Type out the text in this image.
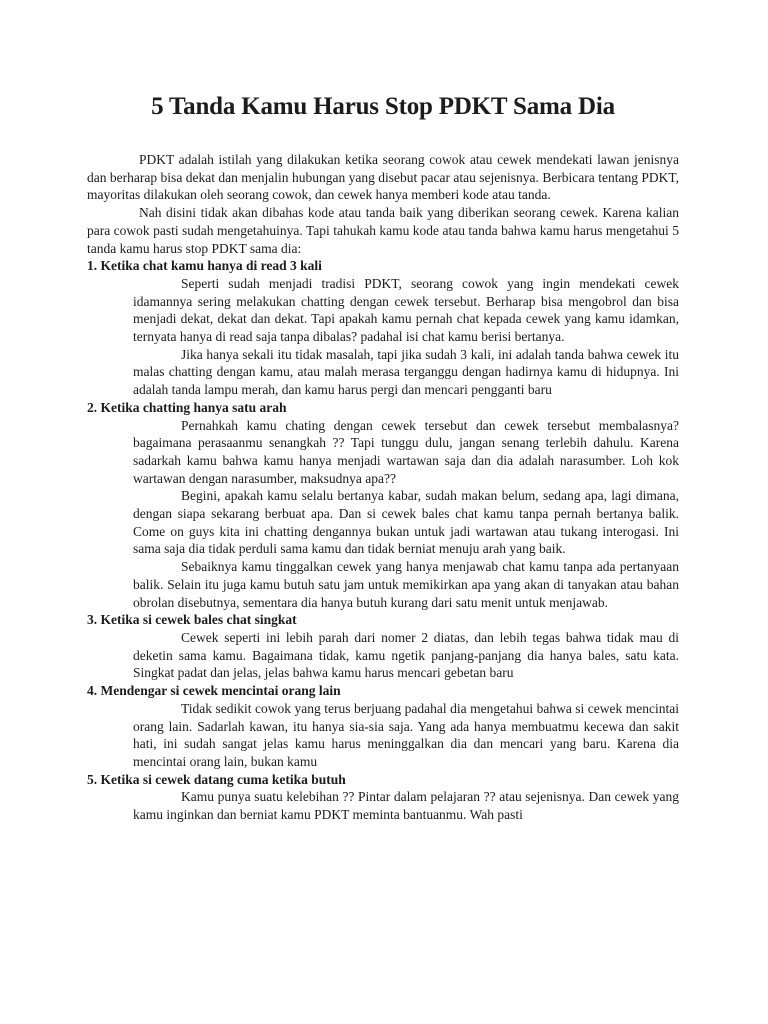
5 Tanda Kamu Harus Stop PDKT Sama Dia

PDKT adalah istilah yang dilakukan ketika seorang cowok atau cewek mendekati lawan jenisnya dan berharap bisa dekat dan menjalin hubungan yang disebut pacar atau sejenisnya. Berbicara tentang PDKT, mayoritas dilakukan oleh seorang cowok, dan cewek hanya memberi kode atau tanda.

Nah disini tidak akan dibahas kode atau tanda baik yang diberikan seorang cewek. Karena kalian para cowok pasti sudah mengetahuinya. Tapi tahukah kamu kode atau tanda bahwa kamu harus mengetahui 5 tanda kamu harus stop PDKT sama dia:

1. Ketika chat kamu hanya di read 3 kali

Seperti sudah menjadi tradisi PDKT, seorang cowok yang ingin mendekati cewek idamannya sering melakukan chatting dengan cewek tersebut. Berharap bisa mengobrol dan bisa menjadi dekat, dekat dan dekat. Tapi apakah kamu pernah chat kepada cewek yang kamu idamkan, ternyata hanya di read saja tanpa dibalas? padahal isi chat kamu berisi bertanya.

Jika hanya sekali itu tidak masalah, tapi jika sudah 3 kali, ini adalah tanda bahwa cewek itu malas chatting dengan kamu, atau malah merasa terganggu dengan hadirnya kamu di hidupnya. Ini adalah tanda lampu merah, dan kamu harus pergi dan mencari pengganti baru

2. Ketika chatting hanya satu arah

Pernahkah kamu chating dengan cewek tersebut dan cewek tersebut membalasnya? bagaimana perasaanmu senangkah ?? Tapi tunggu dulu, jangan senang terlebih dahulu. Karena sadarkah kamu bahwa kamu hanya menjadi wartawan saja dan dia adalah narasumber. Loh kok wartawan dengan narasumber, maksudnya apa??

Begini, apakah kamu selalu bertanya kabar, sudah makan belum, sedang apa, lagi dimana, dengan siapa sekarang berbuat apa. Dan si cewek bales chat kamu tanpa pernah bertanya balik. Come on guys kita ini chatting dengannya bukan untuk jadi wartawan atau tukang interogasi. Ini sama saja dia tidak perduli sama kamu dan tidak berniat menuju arah yang baik.

Sebaiknya kamu tinggalkan cewek yang hanya menjawab chat kamu tanpa ada pertanyaan balik. Selain itu juga kamu butuh satu jam untuk memikirkan apa yang akan di tanyakan atau bahan obrolan disebutnya, sementara dia hanya butuh kurang dari satu menit untuk menjawab.

3. Ketika si cewek bales chat singkat

Cewek seperti ini lebih parah dari nomer 2 diatas, dan lebih tegas bahwa tidak mau di deketin sama kamu. Bagaimana tidak, kamu ngetik panjang-panjang dia hanya bales, satu kata. Singkat padat dan jelas, jelas bahwa kamu harus mencari gebetan baru

4. Mendengar si cewek mencintai orang lain

Tidak sedikit cowok yang terus berjuang padahal dia mengetahui bahwa si cewek mencintai orang lain. Sadarlah kawan, itu hanya sia-sia saja. Yang ada hanya membuatmu kecewa dan sakit hati, ini sudah sangat jelas kamu harus meninggalkan dia dan mencari yang baru. Karena dia mencintai orang lain, bukan kamu

5. Ketika si cewek datang cuma ketika butuh

Kamu punya suatu kelebihan ?? Pintar dalam pelajaran ?? atau sejenisnya. Dan cewek yang kamu inginkan dan berniat kamu PDKT meminta bantuanmu. Wah pasti
